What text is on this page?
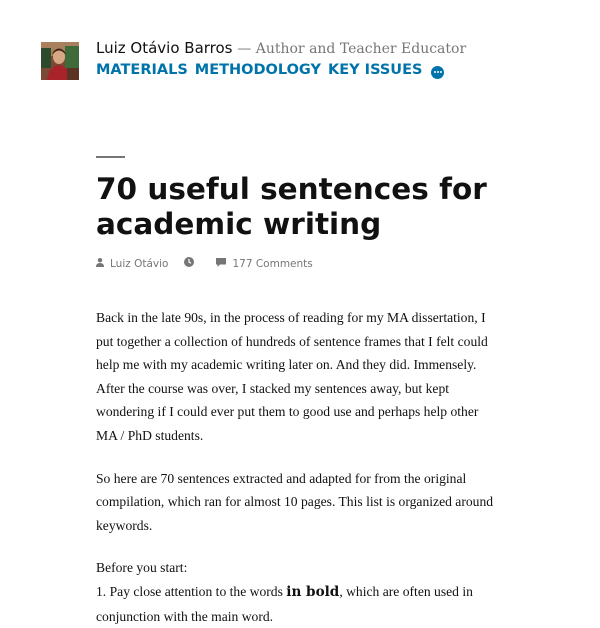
Luiz Otávio Barros — Author and Teacher Educator
MATERIALS METHODOLOGY KEY ISSUES
70 useful sentences for academic writing
Luiz Otávio	177 Comments

Back in the late 90s, in the process of reading for my MA dissertation, I put together a collection of hundreds of sentence frames that I felt could help me with my academic writing later on. And they did. Immensely. After the course was over, I stacked my sentences away, but kept wondering if I could ever put them to good use and perhaps help other MA / PhD students.

So here are 70 sentences extracted and adapted for from the original compilation, which ran for almost 10 pages. This list is organized around keywords.

Before you start:

1. Pay close attention to the words in bold, which are often used in conjunction with the main word.
